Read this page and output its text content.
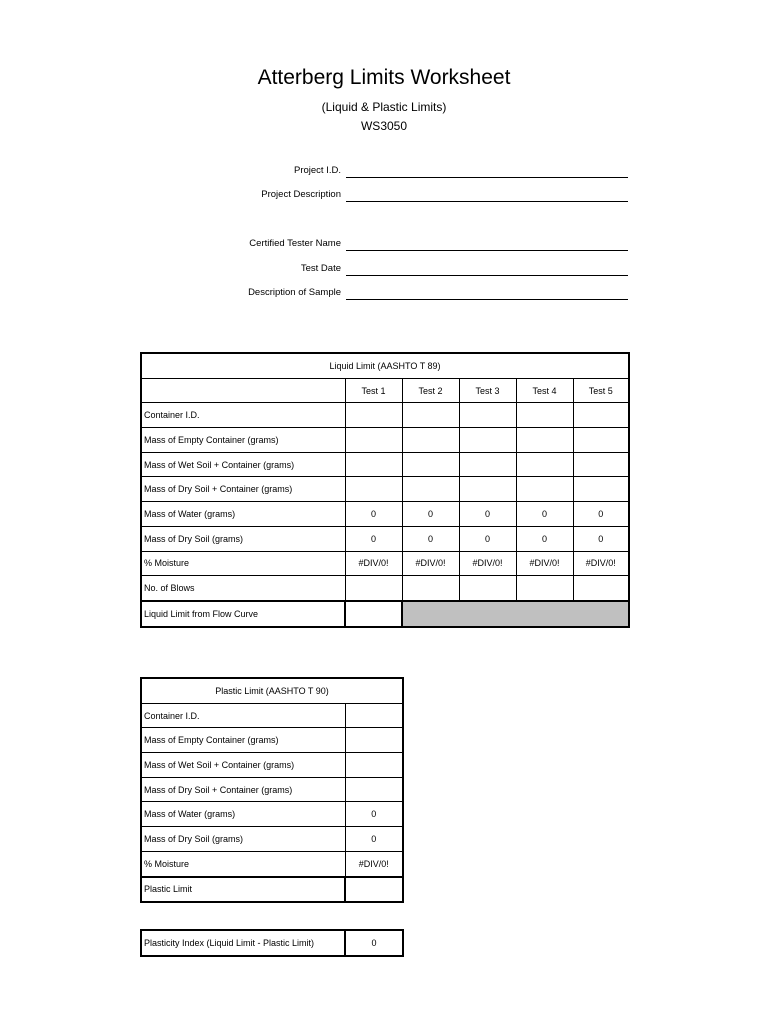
Atterberg Limits Worksheet
(Liquid & Plastic Limits)
WS3050
Project I.D.
Project Description
Certified Tester Name
Test Date
Description of Sample
Liquid Limit (AASHTO T 89)					
	Test 1	Test 2	Test 3	Test 4	Test 5
Container I.D.					
Mass of Empty Container (grams)					
Mass of Wet Soil + Container (grams)					
Mass of Dry Soil + Container (grams)					
Mass of Water (grams)	0	0	0	0	0
Mass of Dry Soil (grams)	0	0	0	0	0
% Moisture	#DIV/0!	#DIV/0!	#DIV/0!	#DIV/0!	#DIV/0!
No. of Blows					
Liquid Limit from Flow Curve					
Plastic Limit (AASHTO T 90)	
Container I.D.	
Mass of Empty Container (grams)	
Mass of Wet Soil + Container (grams)	
Mass of Dry Soil + Container (grams)	
Mass of Water (grams)	0
Mass of Dry Soil (grams)	0
% Moisture	#DIV/0!
Plastic Limit	
Plasticity Index (Liquid Limit - Plastic Limit)	0
